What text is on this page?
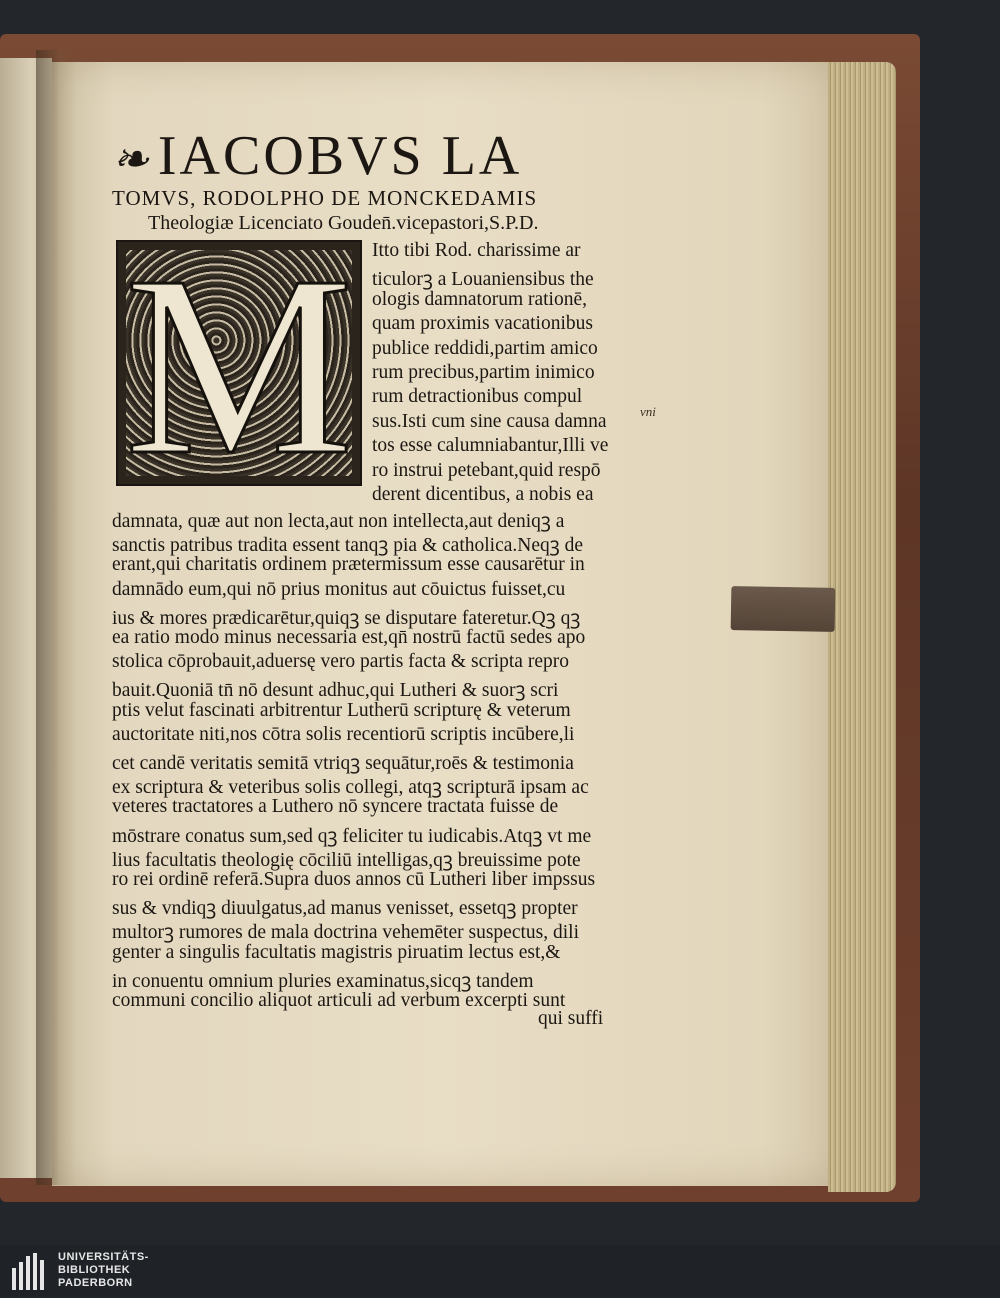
❧ IACOBVS LA
TOMVS, RODOLPHO DE MONCKEDAMIS
Theologiæ Licenciato Gouden̄.vicepastori,S.P.D.
M	vni
Itto tibi Rod. charissime ar
ticulorꝫ a Louaniensibus the
ologis damnatorum rationē,
quam proximis vacationibus
publice reddidi,partim amico
rum precibus,partim inimico
rum detractionibus compul
sus.Isti cum sine causa damna
tos esse calumniabantur,Illi ve
ro instrui petebant,quid respō
derent dicentibus, a nobis ea
damnata, quæ aut non lecta,aut non intellecta,aut deniqꝫ a
sanctis patribus tradita essent tanqꝫ pia & catholica.Neqꝫ de
erant,qui charitatis ordinem prætermissum esse causarētur in
damnādo eum,qui nō prius monitus aut cōuictus fuisset,cu
ius & mores prædicarētur,quiqꝫ se disputare fateretur.Qꝫ qꝫ
ea ratio modo minus necessaria est,qn̄ nostrū factū sedes apo
stolica cōprobauit,aduersę vero partis facta & scripta repro
bauit.Quoniā tn̄ nō desunt adhuc,qui Lutheri & suorꝫ scri
ptis velut fascinati arbitrentur Lutherū scripturę & veterum
auctoritate niti,nos cōtra solis recentiorū scriptis incūbere,li
cet candē veritatis semitā vtriqꝫ sequātur,roēs & testimonia
ex scriptura & veteribus solis collegi, atqꝫ scripturā ipsam ac
veteres tractatores a Luthero nō syncere tractata fuisse de
mōstrare conatus sum,sed qꝫ feliciter tu iudicabis.Atqꝫ vt me
lius facultatis theologię cōciliū intelligas,qꝫ breuissime pote
ro rei ordinē referā.Supra duos annos cū Lutheri liber impssus
sus & vndiqꝫ diuulgatus,ad manus venisset, essetqꝫ propter
multorꝫ rumores de mala doctrina vehemēter suspectus, dili
genter a singulis facultatis magistris piruatim lectus est,&
in conuentu omnium pluries examinatus,sicqꝫ tandem
communi concilio aliquot articuli ad verbum excerpti sunt
qui suffi
UNIVERSITÄTS-
BIBLIOTHEK
PADERBORN
